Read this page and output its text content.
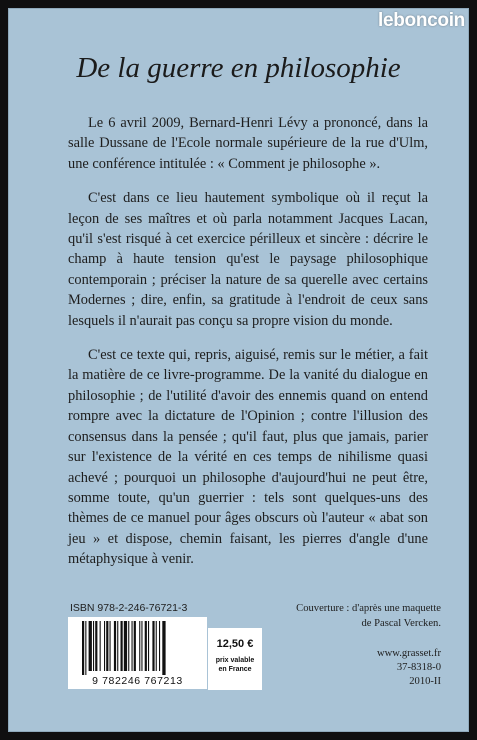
leboncoin
De la guerre en philosophie

Le 6 avril 2009, Bernard-Henri Lévy a prononcé, dans la salle Dussane de l'Ecole normale supérieure de la rue d'Ulm, une conférence intitulée : « Comment je philosophe ».

C'est dans ce lieu hautement symbolique où il reçut la leçon de ses maîtres et où parla notamment Jacques Lacan, qu'il s'est risqué à cet exercice périlleux et sincère : décrire le champ à haute tension qu'est le paysage philosophique contemporain ; préciser la nature de sa querelle avec certains Modernes ; dire, enfin, sa gratitude à l'endroit de ceux sans lesquels il n'aurait pas conçu sa propre vision du monde.

C'est ce texte qui, repris, aiguisé, remis sur le métier, a fait la matière de ce livre-programme. De la vanité du dialogue en philosophie ; de l'utilité d'avoir des ennemis quand on entend rompre avec la dictature de l'Opinion ; contre l'illusion des consensus dans la pensée ; qu'il faut, plus que jamais, parier sur l'existence de la vérité en ces temps de nihilisme quasi achevé ; pourquoi un philosophe d'aujourd'hui ne peut être, somme toute, qu'un guerrier : tels sont quelques-uns des thèmes de ce manuel pour âges obscurs où l'auteur « abat son jeu » et dispose, chemin faisant, les pierres d'angle d'une métaphysique à venir.

ISBN 978-2-246-76721-3
9 782246 767213
12,50 €
prix valable
en France
Couverture : d'après une maquette
de Pascal Vercken.
www.grasset.fr
37-8318-0
2010-II
